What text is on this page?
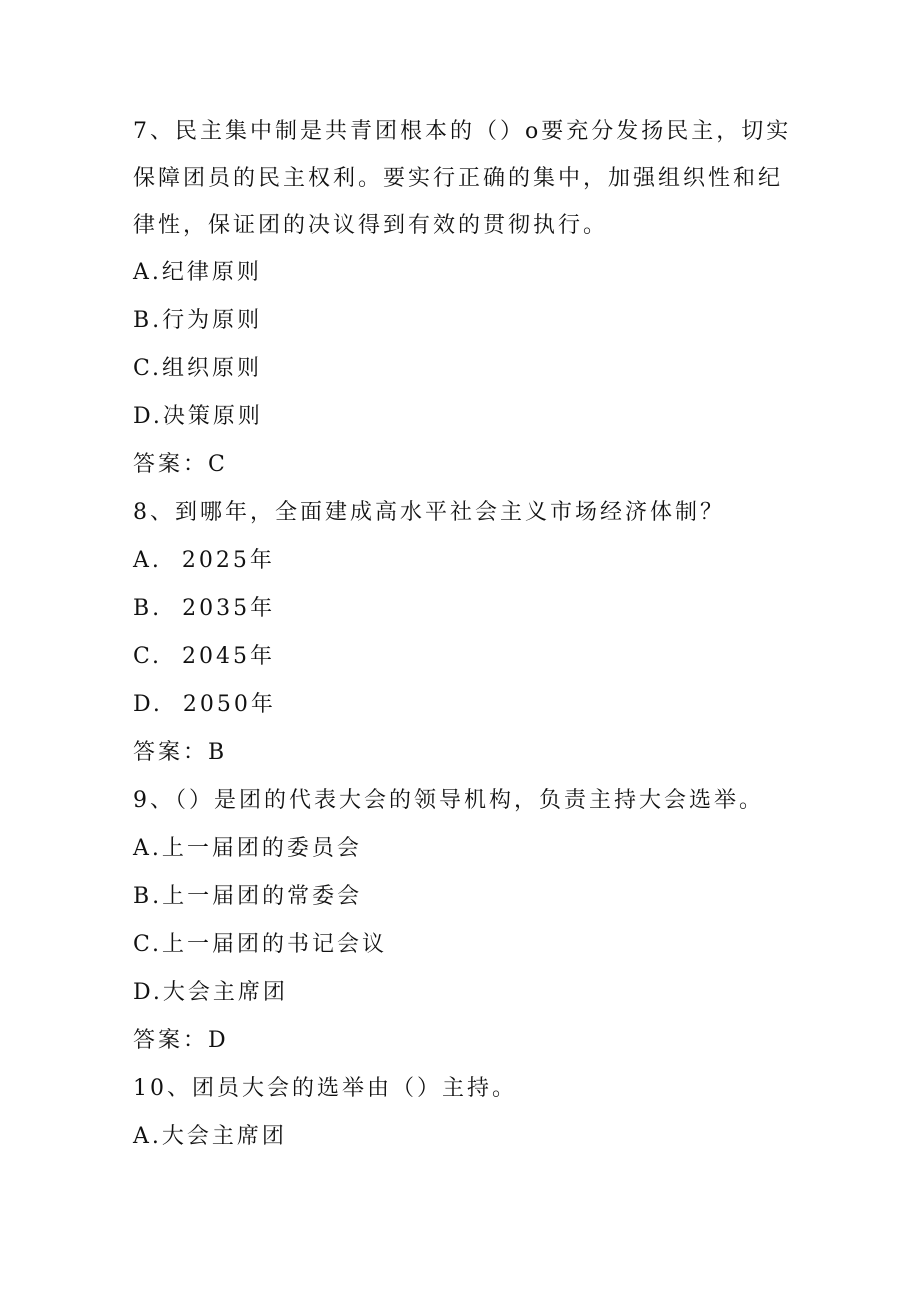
7、民主集中制是共青团根本的（）o要充分发扬民主，切实保障团员的民主权利。要实行正确的集中，加强组织性和纪律性，保证团的决议得到有效的贯彻执行。

A.纪律原则

B.行为原则

C.组织原则

D.决策原则

答案：C

8、到哪年，全面建成高水平社会主义市场经济体制？

A.  2025年

B.  2035年

C.  2045年

D.  2050年

答案：B

9、（）是团的代表大会的领导机构，负责主持大会选举。

A.上一届团的委员会

B.上一届团的常委会

C.上一届团的书记会议

D.大会主席团

答案：D

10、团员大会的选举由（）主持。

A.大会主席团
